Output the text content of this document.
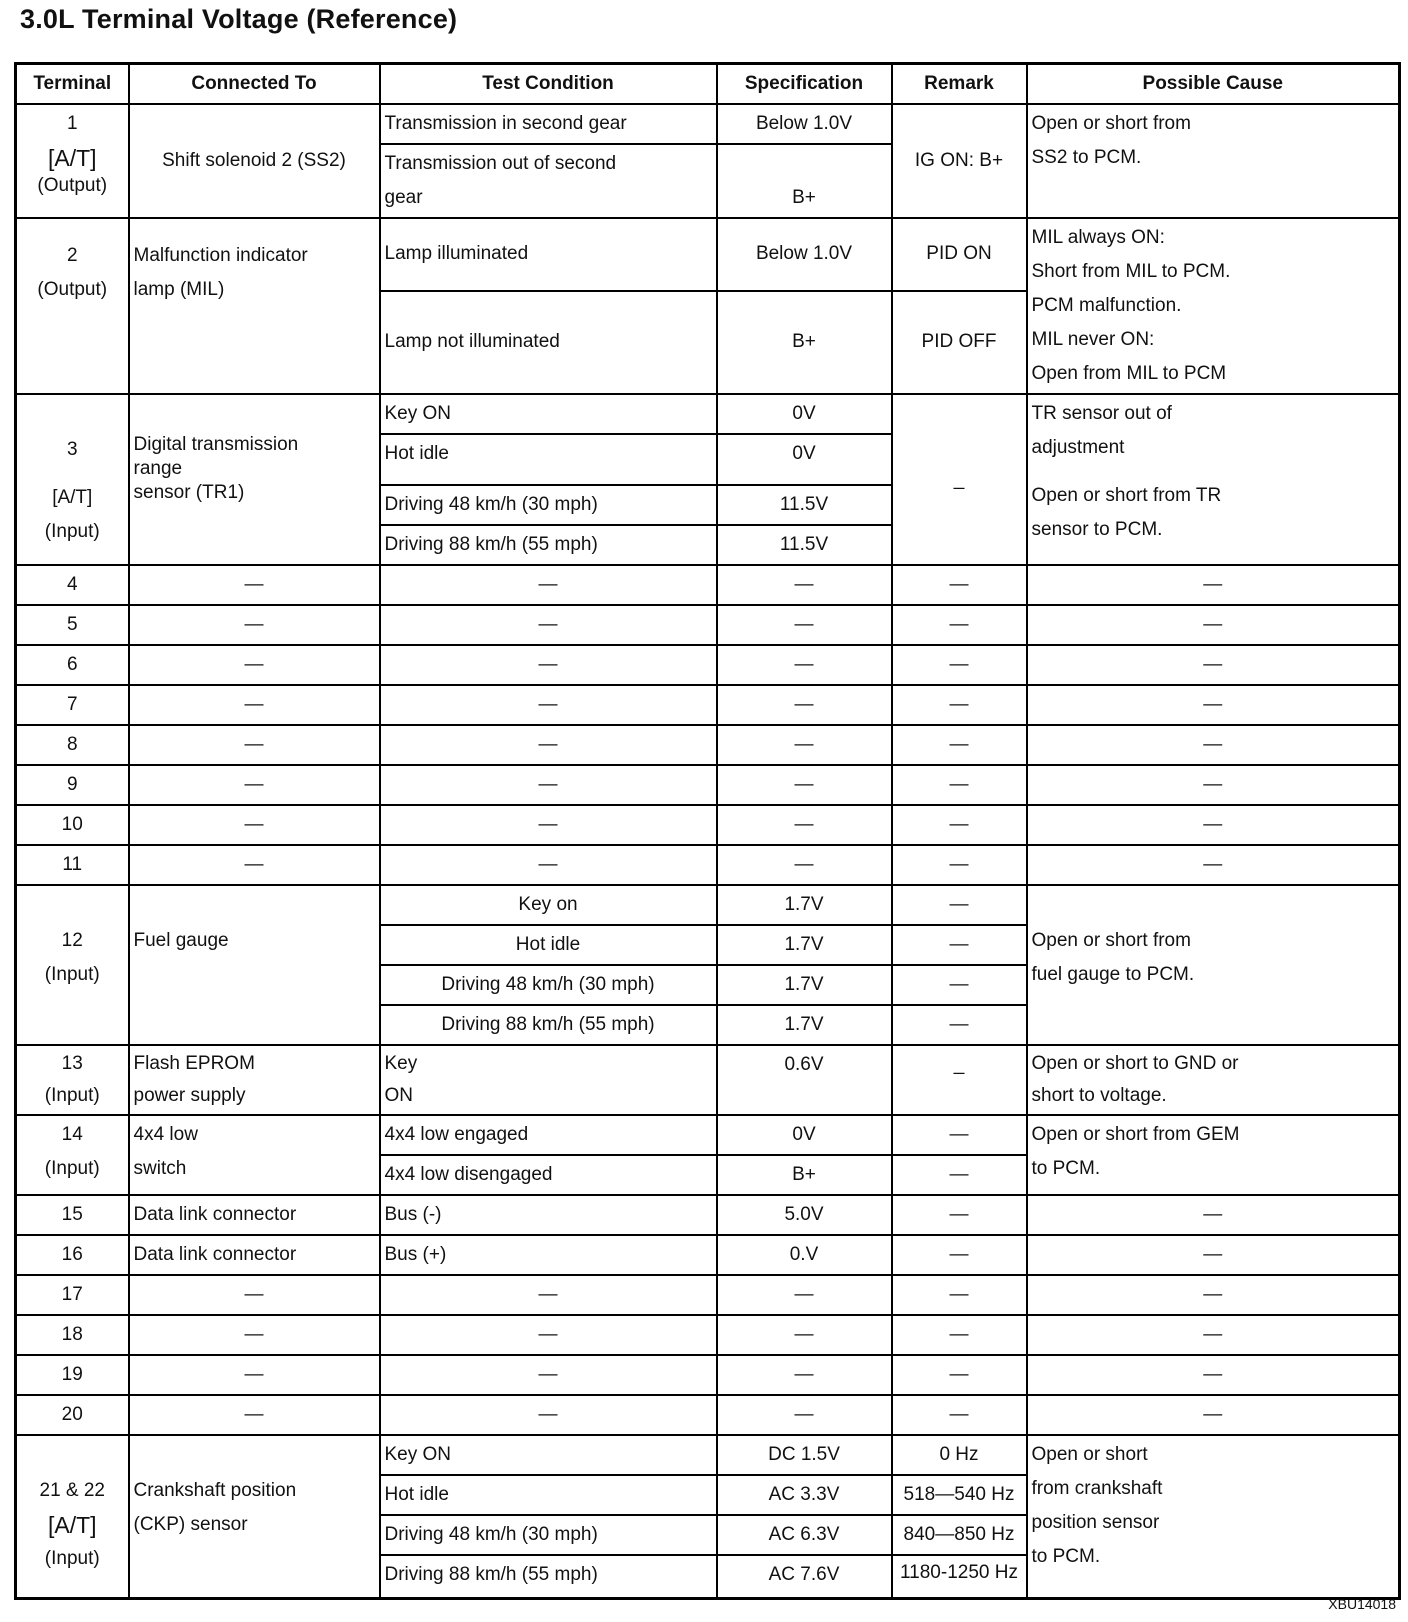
3.0L Terminal Voltage (Reference)
Terminal	Connected To	Test Condition	Specification	Remark	Possible Cause

1
[A/T]
(Output)	Shift solenoid 2 (SS2)	Transmission in second gear	Below 1.0V	IG ON: B+	Open or short from
SS2 to PCM.

		Transmission out of second
gear	B+		

2
(Output)	Malfunction indicator
lamp (MIL)	Lamp illuminated	Below 1.0V	PID ON	MIL always ON:
Short from MIL to PCM.
PCM malfunction.
MIL never ON:
Open from MIL to PCM

		Lamp not illuminated	B+	PID OFF	

3
[A/T]
(Input)	Digital transmission
range
sensor (TR1)	Key ON	0V	_	TR sensor out of
adjustment
Open or short from TR
sensor to PCM.

		Hot idle	0V		
		Driving 48 km/h (30 mph)	11.5V		
		Driving 88 km/h (55 mph)	11.5V		
4	—	—	—	—	—
5	—	—	—	—	—
6	—	—	—	—	—
7	—	—	—	—	—
8	—	—	—	—	—
9	—	—	—	—	—
10	—	—	—	—	—
11	—	—	—	—	—

12
(Input)	Fuel gauge	Key on	1.7V	—	Open or short from
fuel gauge to PCM.

		Hot idle	1.7V	—	
		Driving 48 km/h (30 mph)	1.7V	—	
		Driving 88 km/h (55 mph)	1.7V	—	

13
(Input)	Flash EPROM
power supply	Key
ON	0.6V	_	Open or short to GND or
short to voltage.

14
(Input)	4x4 low
switch	4x4 low engaged	0V	—	Open or short from GEM
to PCM.

		4x4 low disengaged	B+	—	
15	Data link connector	Bus (-)	5.0V	—	—
16	Data link connector	Bus (+)	0.V	—	—
17	—	—	—	—	—
18	—	—	—	—	—
19	—	—	—	—	—
20	—	—	—	—	—

21 & 22
[A/T]
(Input)	Crankshaft position
(CKP) sensor	Key ON	DC 1.5V	0 Hz	Open or short
from crankshaft
position sensor
to PCM.

		Hot idle	AC 3.3V	518—540 Hz	
		Driving 48 km/h (30 mph)	AC 6.3V	840—850 Hz	
		Driving 88 km/h (55 mph)	AC 7.6V	1180-1250 Hz	
XBU14018
